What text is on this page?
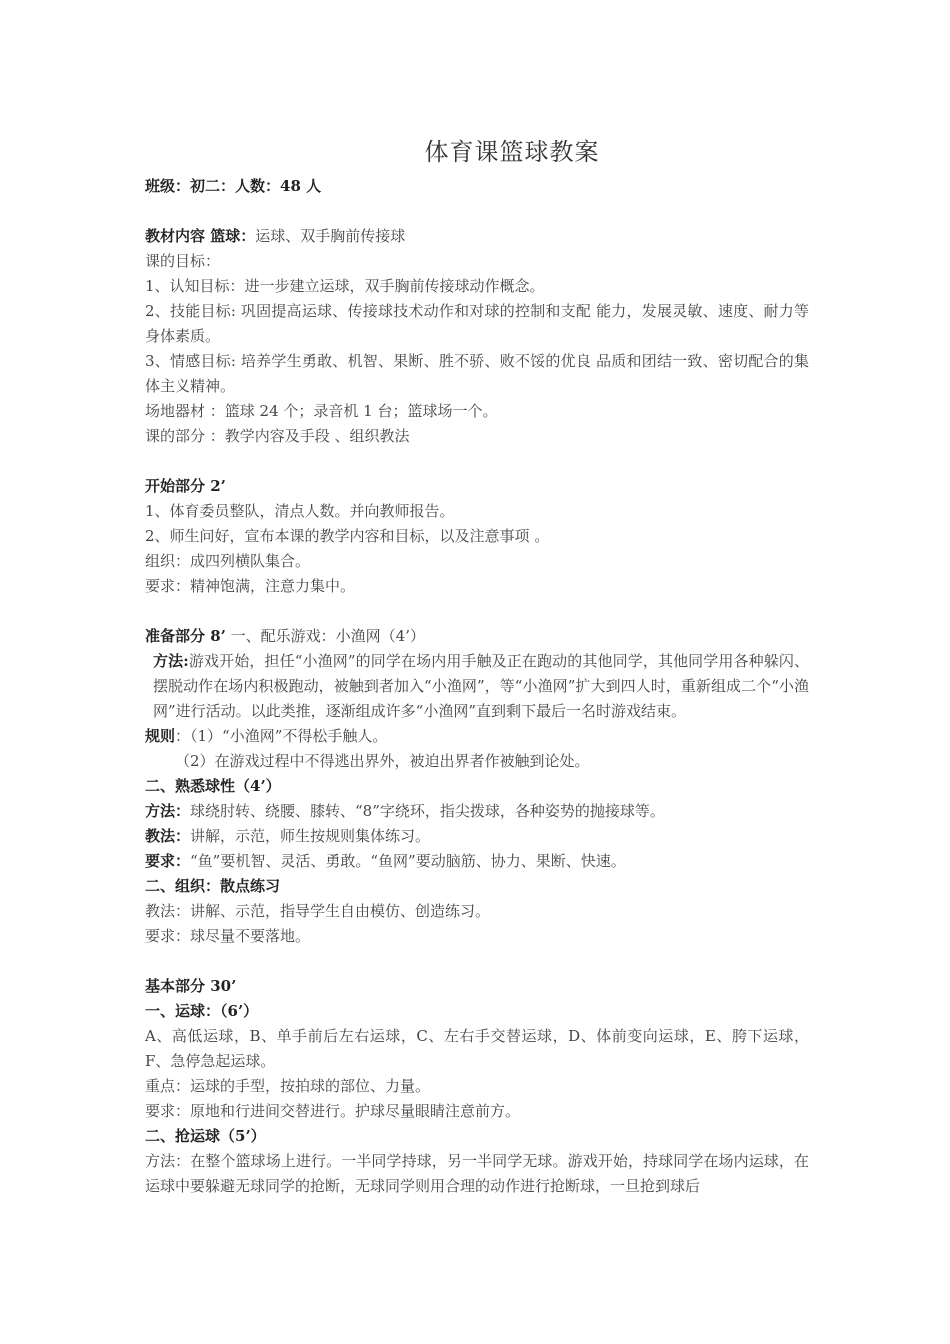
体育课篮球教案

班级：初二：人数：48 人

教材内容 篮球：运球、双手胸前传接球

课的目标：

1、认知目标：进一步建立运球，双手胸前传接球动作概念。

2、技能目标: 巩固提高运球、传接球技术动作和对球的控制和支配 能力，发展灵敏、速度、耐力等身体素质。

3、情感目标: 培养学生勇敢、机智、果断、胜不骄、败不馁的优良 品质和团结一致、密切配合的集体主义精神。

场地器材 ：篮球 24 个；录音机 1 台；篮球场一个。

课的部分 ：教学内容及手段 、组织教法

开始部分 2’

1、体育委员整队，清点人数。并向教师报告。

2、师生问好，宣布本课的教学内容和目标，以及注意事项 。

组织：成四列横队集合。

要求：精神饱满，注意力集中。

准备部分 8’ 一、配乐游戏：小渔网（4’）

方法:游戏开始，担任“小渔网”的同学在场内用手触及正在跑动的其他同学，其他同学用各种躲闪、摆脱动作在场内积极跑动，被触到者加入“小渔网”，等“小渔网”扩大到四人时，重新组成二个“小渔网”进行活动。以此类推，逐渐组成许多“小渔网”直到剩下最后一名时游戏结束。

规则：（1）“小渔网”不得松手触人。

（2）在游戏过程中不得逃出界外，被迫出界者作被触到论处。

二、熟悉球性（4’）

方法：球绕肘转、绕腰、膝转、“8”字绕环，指尖拨球，各种姿势的抛接球等。

教法：讲解，示范，师生按规则集体练习。

要求：“鱼”要机智、灵活、勇敢。“鱼网”要动脑筋、协力、果断、快速。

二、组织：散点练习

教法：讲解、示范，指导学生自由模仿、创造练习。

要求：球尽量不要落地。

基本部分 30’

一、运球：（6’）

A、高低运球，B、单手前后左右运球，C、左右手交替运球，D、体前变向运球，E、胯下运球，F、急停急起运球。

重点：运球的手型，按拍球的部位、力量。

要求：原地和行进间交替进行。护球尽量眼睛注意前方。

二、抢运球（5’）

方法：在整个篮球场上进行。一半同学持球，另一半同学无球。游戏开始，持球同学在场内运球，在运球中要躲避无球同学的抢断，无球同学则用合理的动作进行抢断球，一旦抢到球后
